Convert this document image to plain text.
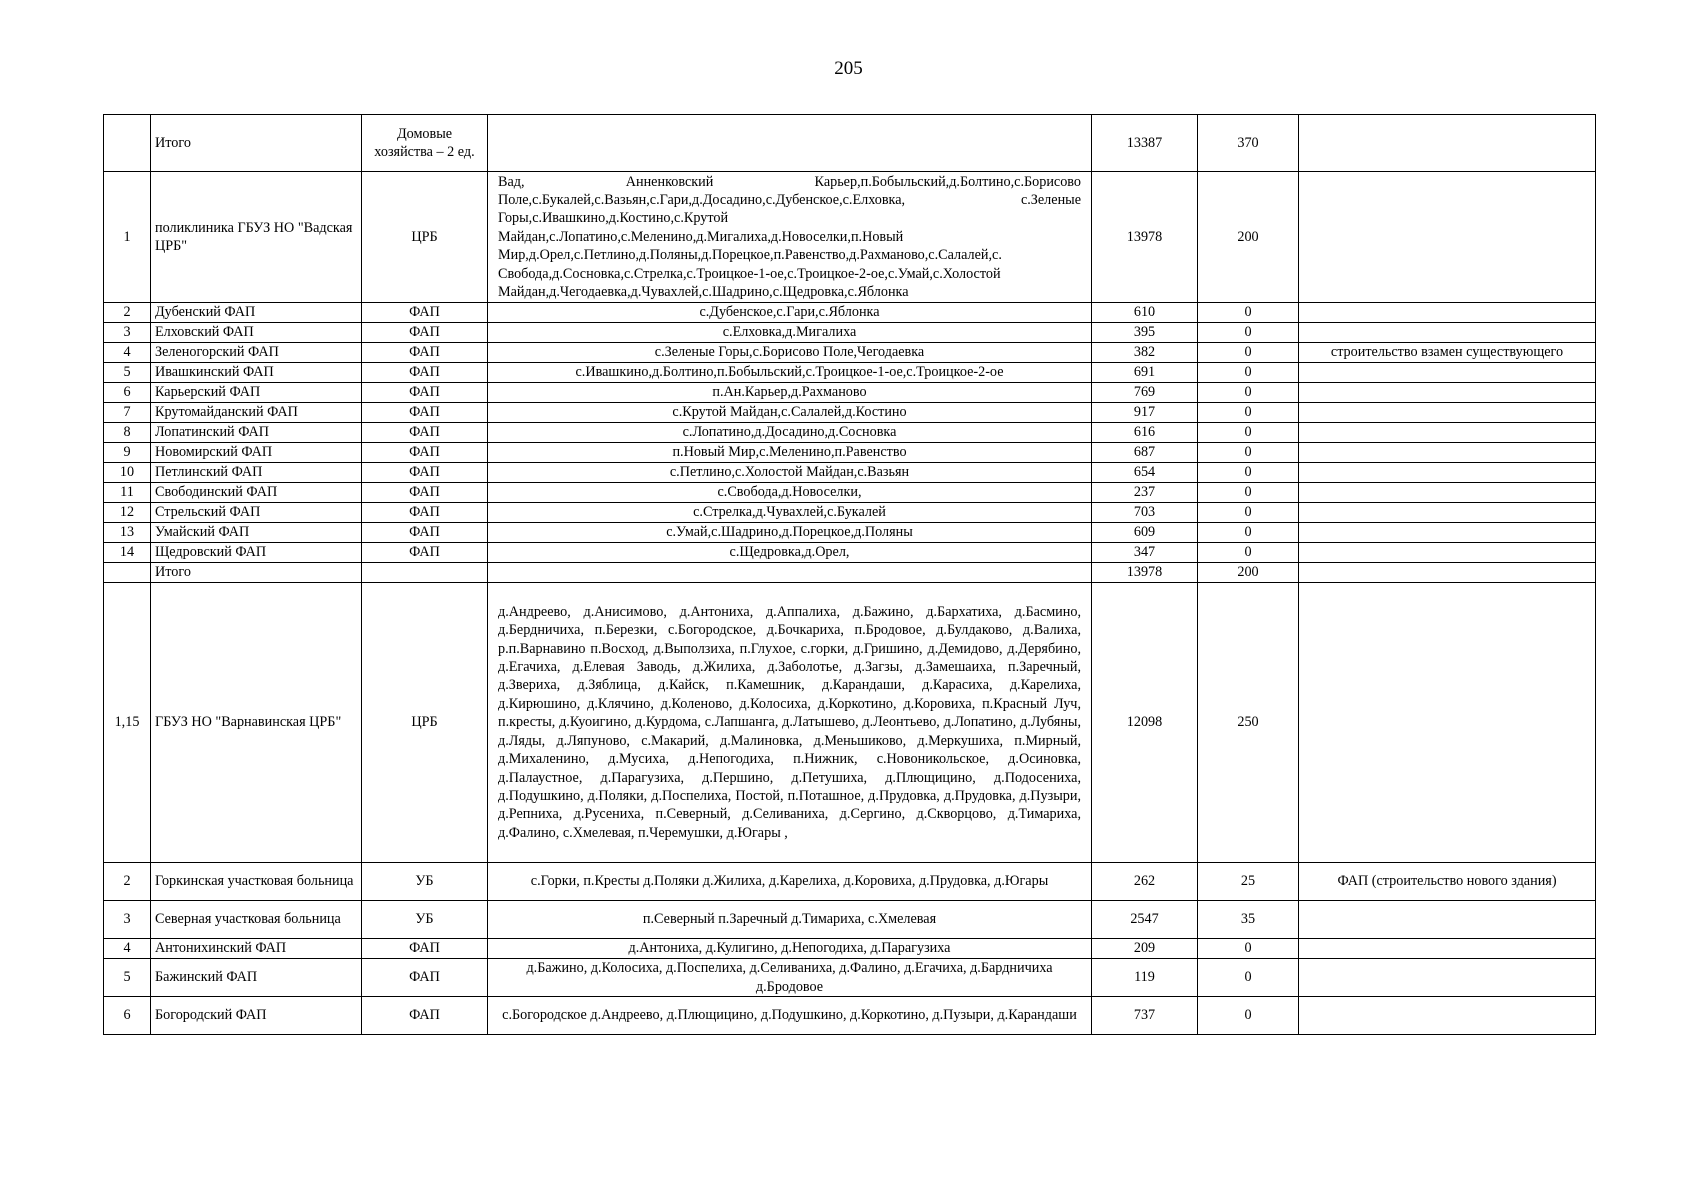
205
	Итого	Домовые хозяйства – 2 ед.		13387	370	
1	поликлиника ГБУЗ НО "Вадская ЦРБ"	ЦРБ	Вад, Анненковский Карьер,п.Бобыльский,д.Болтино,с.Борисово Поле,с.Букалей,с.Вазьян,с.Гари,д.Досадино,с.Дубенское,с.Елховка, с.Зеленые Горы,с.Ивашкино,д.Костино,с.Крутой Майдан,с.Лопатино,с.Меленино,д.Мигалиха,д.Новоселки,п.Новый Мир,д.Орел,с.Петлино,д.Поляны,д.Порецкое,п.Равенство,д.Рахманово,с.Салалей,с. Свобода,д.Сосновка,с.Стрелка,с.Троицкое-1-ое,с.Троицкое-2-ое,с.Умай,с.Холостой Майдан,д.Чегодаевка,д.Чувахлей,с.Шадрино,с.Щедровка,с.Яблонка	13978	200	
2	Дубенский ФАП	ФАП	с.Дубенское,с.Гари,с.Яблонка	610	0	
3	Елховский ФАП	ФАП	с.Елховка,д.Мигалиха	395	0	
4	Зеленогорский ФАП	ФАП	с.Зеленые Горы,с.Борисово Поле,Чегодаевка	382	0	строительство взамен существующего
5	Ивашкинский ФАП	ФАП	с.Ивашкино,д.Болтино,п.Бобыльский,с.Троицкое-1-ое,с.Троицкое-2-ое	691	0	
6	Карьерский ФАП	ФАП	п.Ан.Карьер,д.Рахманово	769	0	
7	Крутомайданский ФАП	ФАП	с.Крутой Майдан,с.Салалей,д.Костино	917	0	
8	Лопатинский ФАП	ФАП	с.Лопатино,д.Досадино,д.Сосновка	616	0	
9	Новомирский ФАП	ФАП	п.Новый Мир,с.Меленино,п.Равенство	687	0	
10	Петлинский ФАП	ФАП	с.Петлино,с.Холостой Майдан,с.Вазьян	654	0	
11	Свободинский ФАП	ФАП	с.Свобода,д.Новоселки,	237	0	
12	Стрельский ФАП	ФАП	с.Стрелка,д.Чувахлей,с.Букалей	703	0	
13	Умайский ФАП	ФАП	с.Умай,с.Шадрино,д.Порецкое,д.Поляны	609	0	
14	Щедровский ФАП	ФАП	с.Щедровка,д.Орел,	347	0	
	Итого			13978	200	
1,15	ГБУЗ НО "Варнавинская ЦРБ"	ЦРБ	д.Андреево, д.Анисимово, д.Антониха, д.Аппалиха, д.Бажино, д.Бархатиха, д.Басмино, д.Бердничиха, п.Березки, с.Богородское, д.Бочкариха, п.Бродовое, д.Булдаково, д.Валиха, р.п.Варнавино п.Восход, д.Выползиха, п.Глухое, с.горки, д.Гришино, д.Демидово, д.Дерябино, д.Егачиха, д.Елевая Заводь, д.Жилиха, д.Заболотье, д.Загзы, д.Замешаиха, п.Заречный, д.Звериха, д.Зяблица, д.Кайск, п.Камешник, д.Карандаши, д.Карасиха, д.Карелиха, д.Кирюшино, д.Клячино, д.Коленово, д.Колосиха, д.Коркотино, д.Коровиха, п.Красный Луч, п.кресты, д.Куоигино, д.Курдома, с.Лапшанга, д.Латышево, д.Леонтьево, д.Лопатино, д.Лубяны, д.Ляды, д.Ляпуново, с.Макарий, д.Малиновка, д.Меньшиково, д.Меркушиха, п.Мирный, д.Михаленино, д.Мусиха, д.Непогодиха, п.Нижник, с.Новоникольское, д.Осиновка, д.Палаустное, д.Парагузиха, д.Першино, д.Петушиха, д.Плющицино, д.Подосениха, д.Подушкино, д.Поляки, д.Поспелиха, Постой, п.Поташное, д.Прудовка, д.Прудовка, д.Пузыри, д.Репниха, д.Русениха, п.Северный, д.Селиваниха, д.Сергино, д.Скворцово, д.Тимариха, д.Фалино, с.Хмелевая, п.Черемушки, д.Югары ,	12098	250	
2	Горкинская участковая больница	УБ	с.Горки, п.Кресты д.Поляки д.Жилиха, д.Карелиха, д.Коровиха, д.Прудовка, д.Югары	262	25	ФАП (строительство нового здания)
3	Северная участковая больница	УБ	п.Северный п.Заречный д.Тимариха, с.Хмелевая	2547	35	
4	Антонихинский ФАП	ФАП	д.Антониха, д.Кулигино, д.Непогодиха, д.Парагузиха	209	0	
5	Бажинский ФАП	ФАП	д.Бажино, д.Колосиха, д.Поспелиха, д.Селиваниха, д.Фалино, д.Егачиха, д.Бардничиха д.Бродовое	119	0	
6	Богородский ФАП	ФАП	с.Богородское д.Андреево, д.Плющицино, д.Подушкино, д.Коркотино, д.Пузыри, д.Карандаши	737	0	
